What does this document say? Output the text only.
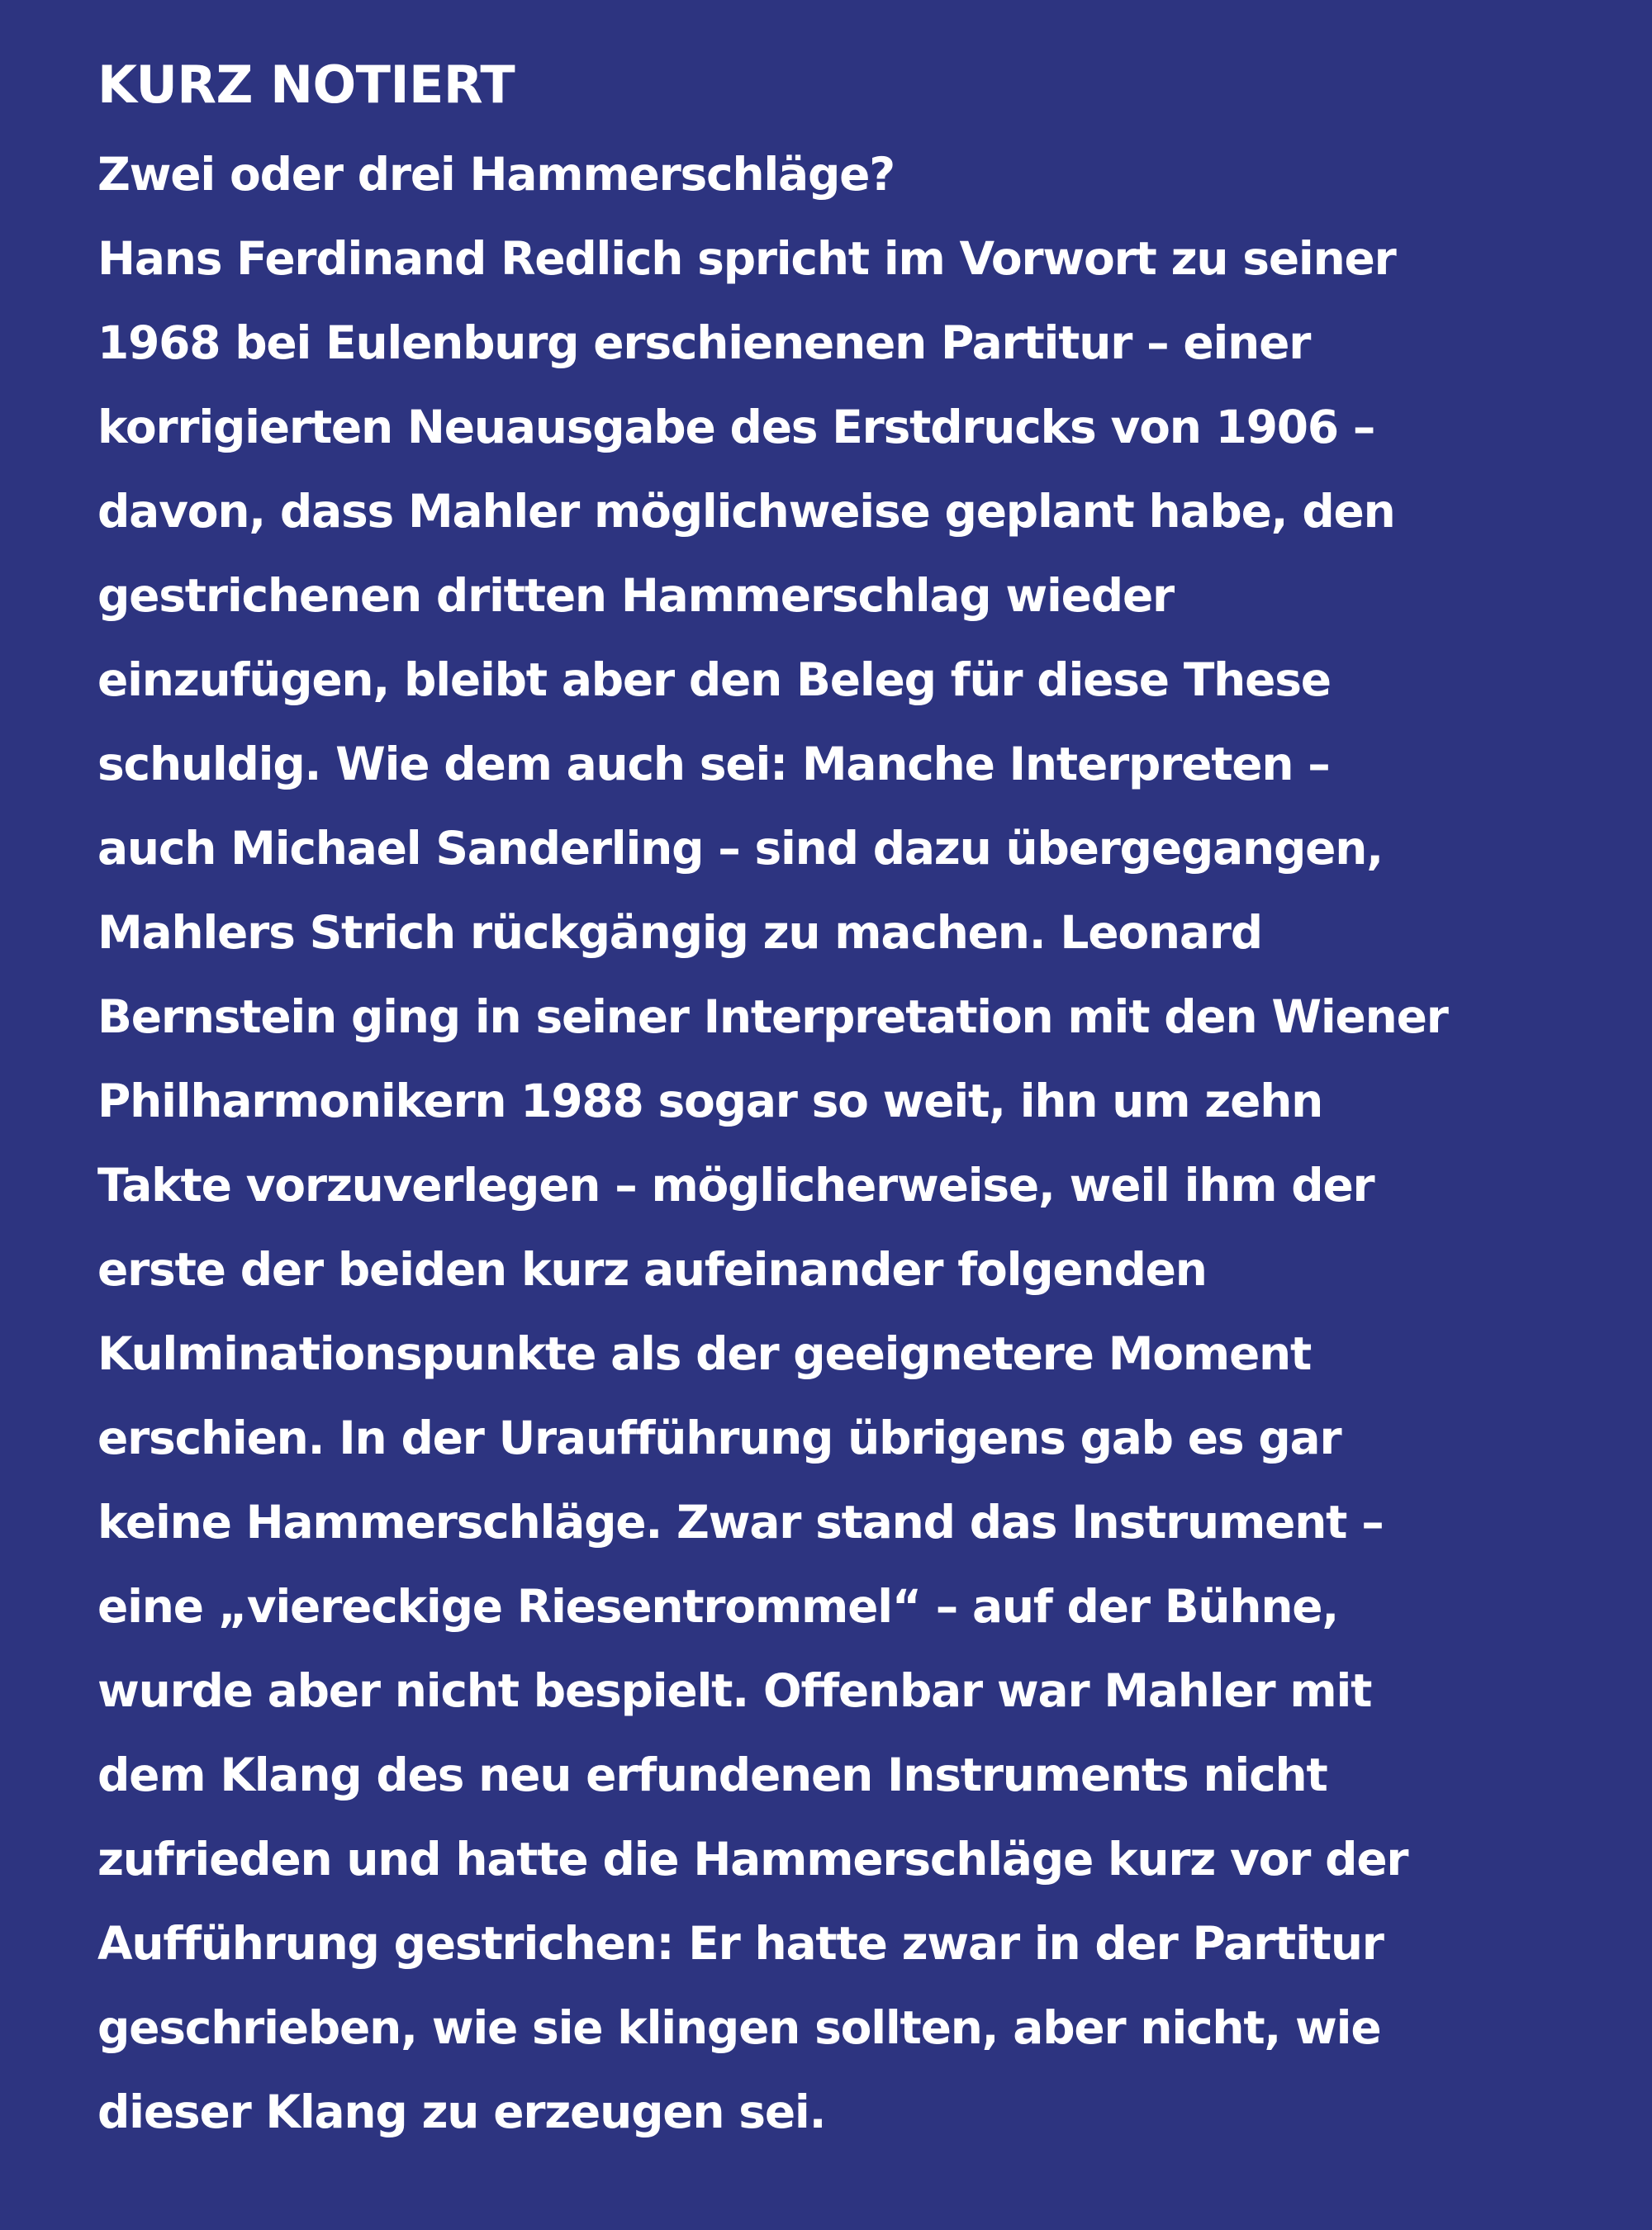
KURZ NOTIERT
Zwei oder drei Hammerschläge?
Hans Ferdinand Redlich spricht im Vorwort zu seiner
1968 bei Eulenburg erschienenen Partitur – einer
korrigierten Neuausgabe des Erstdrucks von 1906 –
davon, dass Mahler möglichweise geplant habe, den
gestrichenen dritten Hammerschlag wieder
einzufügen, bleibt aber den Beleg für diese These
schuldig. Wie dem auch sei: Manche Interpreten –
auch Michael Sanderling – sind dazu übergegangen,
Mahlers Strich rückgängig zu machen. Leonard
Bernstein ging in seiner Interpretation mit den Wiener
Philharmonikern 1988 sogar so weit, ihn um zehn
Takte vorzuverlegen – möglicherweise, weil ihm der
erste der beiden kurz aufeinander folgenden
Kulminationspunkte als der geeignetere Moment
erschien. In der Uraufführung übrigens gab es gar
keine Hammerschläge. Zwar stand das Instrument –
eine „viereckige Riesentrommel“ – auf der Bühne,
wurde aber nicht bespielt. Offenbar war Mahler mit
dem Klang des neu erfundenen Instruments nicht
zufrieden und hatte die Hammerschläge kurz vor der
Aufführung gestrichen: Er hatte zwar in der Partitur
geschrieben, wie sie klingen sollten, aber nicht, wie
dieser Klang zu erzeugen sei.
